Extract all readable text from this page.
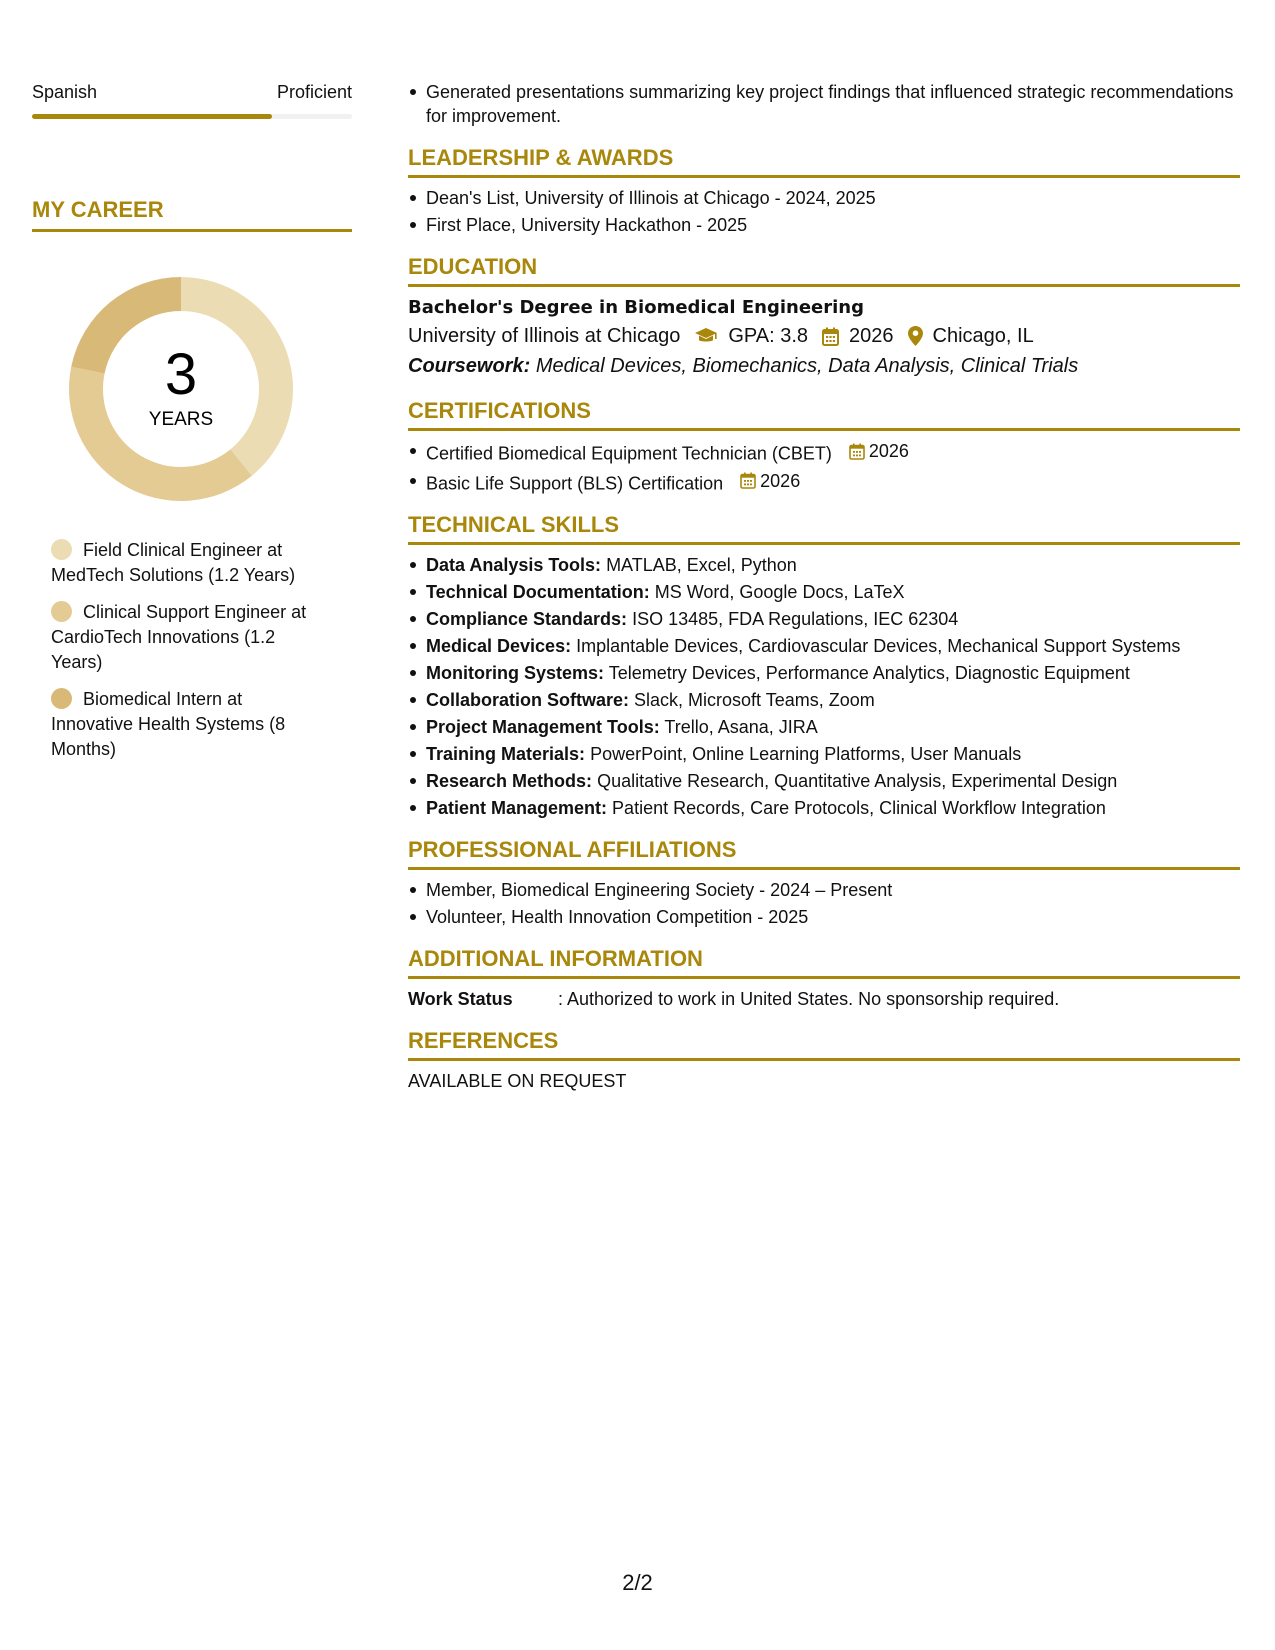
Spanish	Proficient
MY CAREER
3
YEARS
Field Clinical Engineer at MedTech Solutions (1.2 Years)
Clinical Support Engineer at CardioTech Innovations (1.2 Years)
Biomedical Intern at Innovative Health Systems (8 Months)
Generated presentations summarizing key project findings that influenced strategic recommendations for improvement.
LEADERSHIP & AWARDS
Dean's List, University of Illinois at Chicago - 2024, 2025
First Place, University Hackathon - 2025
EDUCATION
Bachelor's Degree in Biomedical Engineering
University of Illinois at Chicago GPA: 3.8 2026 Chicago, IL
Coursework: Medical Devices, Biomechanics, Data Analysis, Clinical Trials
CERTIFICATIONS
Certified Biomedical Equipment Technician (CBET) 2026
Basic Life Support (BLS) Certification 2026
TECHNICAL SKILLS
Data Analysis Tools: MATLAB, Excel, Python
Technical Documentation: MS Word, Google Docs, LaTeX
Compliance Standards: ISO 13485, FDA Regulations, IEC 62304
Medical Devices: Implantable Devices, Cardiovascular Devices, Mechanical Support Systems
Monitoring Systems: Telemetry Devices, Performance Analytics, Diagnostic Equipment
Collaboration Software: Slack, Microsoft Teams, Zoom
Project Management Tools: Trello, Asana, JIRA
Training Materials: PowerPoint, Online Learning Platforms, User Manuals
Research Methods: Qualitative Research, Quantitative Analysis, Experimental Design
Patient Management: Patient Records, Care Protocols, Clinical Workflow Integration
PROFESSIONAL AFFILIATIONS
Member, Biomedical Engineering Society - 2024 – Present
Volunteer, Health Innovation Competition - 2025
ADDITIONAL INFORMATION
Work Status	: Authorized to work in United States. No sponsorship required.
REFERENCES
AVAILABLE ON REQUEST
2/2
